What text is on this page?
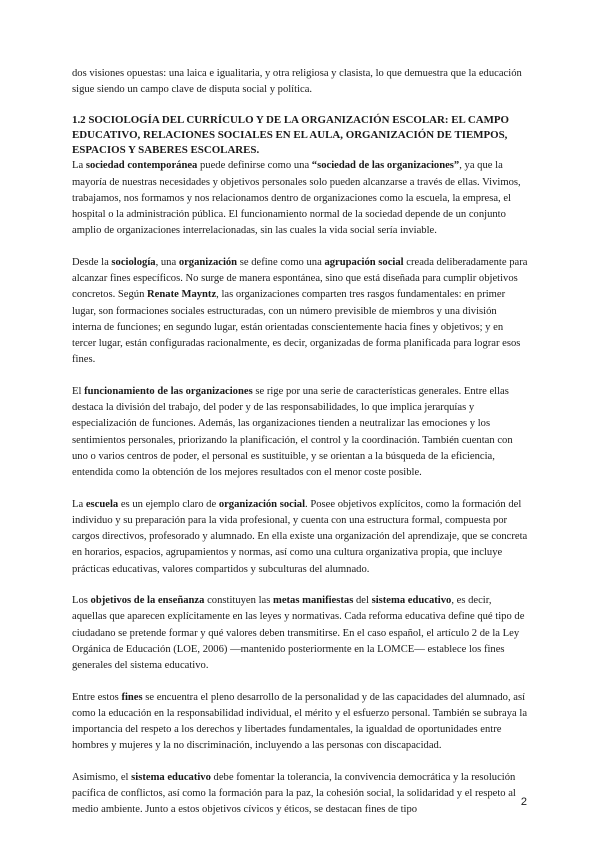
dos visiones opuestas: una laica e igualitaria, y otra religiosa y clasista, lo que demuestra que la educación sigue siendo un campo clave de disputa social y política.

1.2 SOCIOLOGÍA DEL CURRÍCULO Y DE LA ORGANIZACIÓN ESCOLAR: EL CAMPO EDUCATIVO, RELACIONES SOCIALES EN EL AULA, ORGANIZACIÓN DE TIEMPOS, ESPACIOS Y SABERES ESCOLARES.

La sociedad contemporánea puede definirse como una “sociedad de las organizaciones”, ya que la mayoría de nuestras necesidades y objetivos personales solo pueden alcanzarse a través de ellas. Vivimos, trabajamos, nos formamos y nos relacionamos dentro de organizaciones como la escuela, la empresa, el hospital o la administración pública. El funcionamiento normal de la sociedad depende de un conjunto amplio de organizaciones interrelacionadas, sin las cuales la vida social sería inviable.

Desde la sociología, una organización se define como una agrupación social creada deliberadamente para alcanzar fines específicos. No surge de manera espontánea, sino que está diseñada para cumplir objetivos concretos. Según Renate Mayntz, las organizaciones comparten tres rasgos fundamentales: en primer lugar, son formaciones sociales estructuradas, con un número previsible de miembros y una división interna de funciones; en segundo lugar, están orientadas conscientemente hacia fines y objetivos; y en tercer lugar, están configuradas racionalmente, es decir, organizadas de forma planificada para lograr esos fines.

El funcionamiento de las organizaciones se rige por una serie de características generales. Entre ellas destaca la división del trabajo, del poder y de las responsabilidades, lo que implica jerarquías y especialización de funciones. Además, las organizaciones tienden a neutralizar las emociones y los sentimientos personales, priorizando la planificación, el control y la coordinación. También cuentan con uno o varios centros de poder, el personal es sustituible, y se orientan a la búsqueda de la eficiencia, entendida como la obtención de los mejores resultados con el menor coste posible.

La escuela es un ejemplo claro de organización social. Posee objetivos explícitos, como la formación del individuo y su preparación para la vida profesional, y cuenta con una estructura formal, compuesta por cargos directivos, profesorado y alumnado. En ella existe una organización del aprendizaje, que se concreta en horarios, espacios, agrupamientos y normas, así como una cultura organizativa propia, que incluye prácticas educativas, valores compartidos y subculturas del alumnado.

Los objetivos de la enseñanza constituyen las metas manifiestas del sistema educativo, es decir, aquellas que aparecen explícitamente en las leyes y normativas. Cada reforma educativa define qué tipo de ciudadano se pretende formar y qué valores deben transmitirse. En el caso español, el artículo 2 de la Ley Orgánica de Educación (LOE, 2006) —mantenido posteriormente en la LOMCE— establece los fines generales del sistema educativo.

Entre estos fines se encuentra el pleno desarrollo de la personalidad y de las capacidades del alumnado, así como la educación en la responsabilidad individual, el mérito y el esfuerzo personal. También se subraya la importancia del respeto a los derechos y libertades fundamentales, la igualdad de oportunidades entre hombres y mujeres y la no discriminación, incluyendo a las personas con discapacidad.

Asimismo, el sistema educativo debe fomentar la tolerancia, la convivencia democrática y la resolución pacífica de conflictos, así como la formación para la paz, la cohesión social, la solidaridad y el respeto al medio ambiente. Junto a estos objetivos cívicos y éticos, se destacan fines de tipo

2
